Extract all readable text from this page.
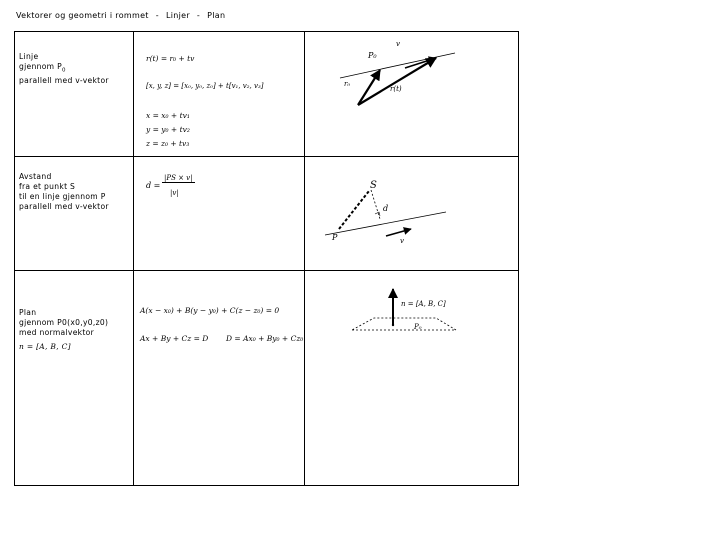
Vektorer og geometri i rommet - Linjer - Plan
Linje
gjennom $P_0$
parallell med v-vektor
r(t) = r₀ + tv
[x, y, z] = [x₀, y₀, z₀] + t[v₁, v₂, v₃]
x = x₀ + tv₁
y = y₀ + tv₂
z = z₀ + tv₃
P₀
v
r₀
r(t)
Avstand
fra et punkt S
til en linje gjennom P
parallell med v-vektor
d =
|PS × v|
|v|
S
d
P	v
Plan
gjennom P0(x0,y0,z0)
med normalvektor
n = [A, B, C]
A(x − x₀) + B(y − y₀) + C(z − z₀) = 0
Ax + By + Cz = D D = Ax₀ + By₀ + Cz₀
n = [A, B, C]
P₀
